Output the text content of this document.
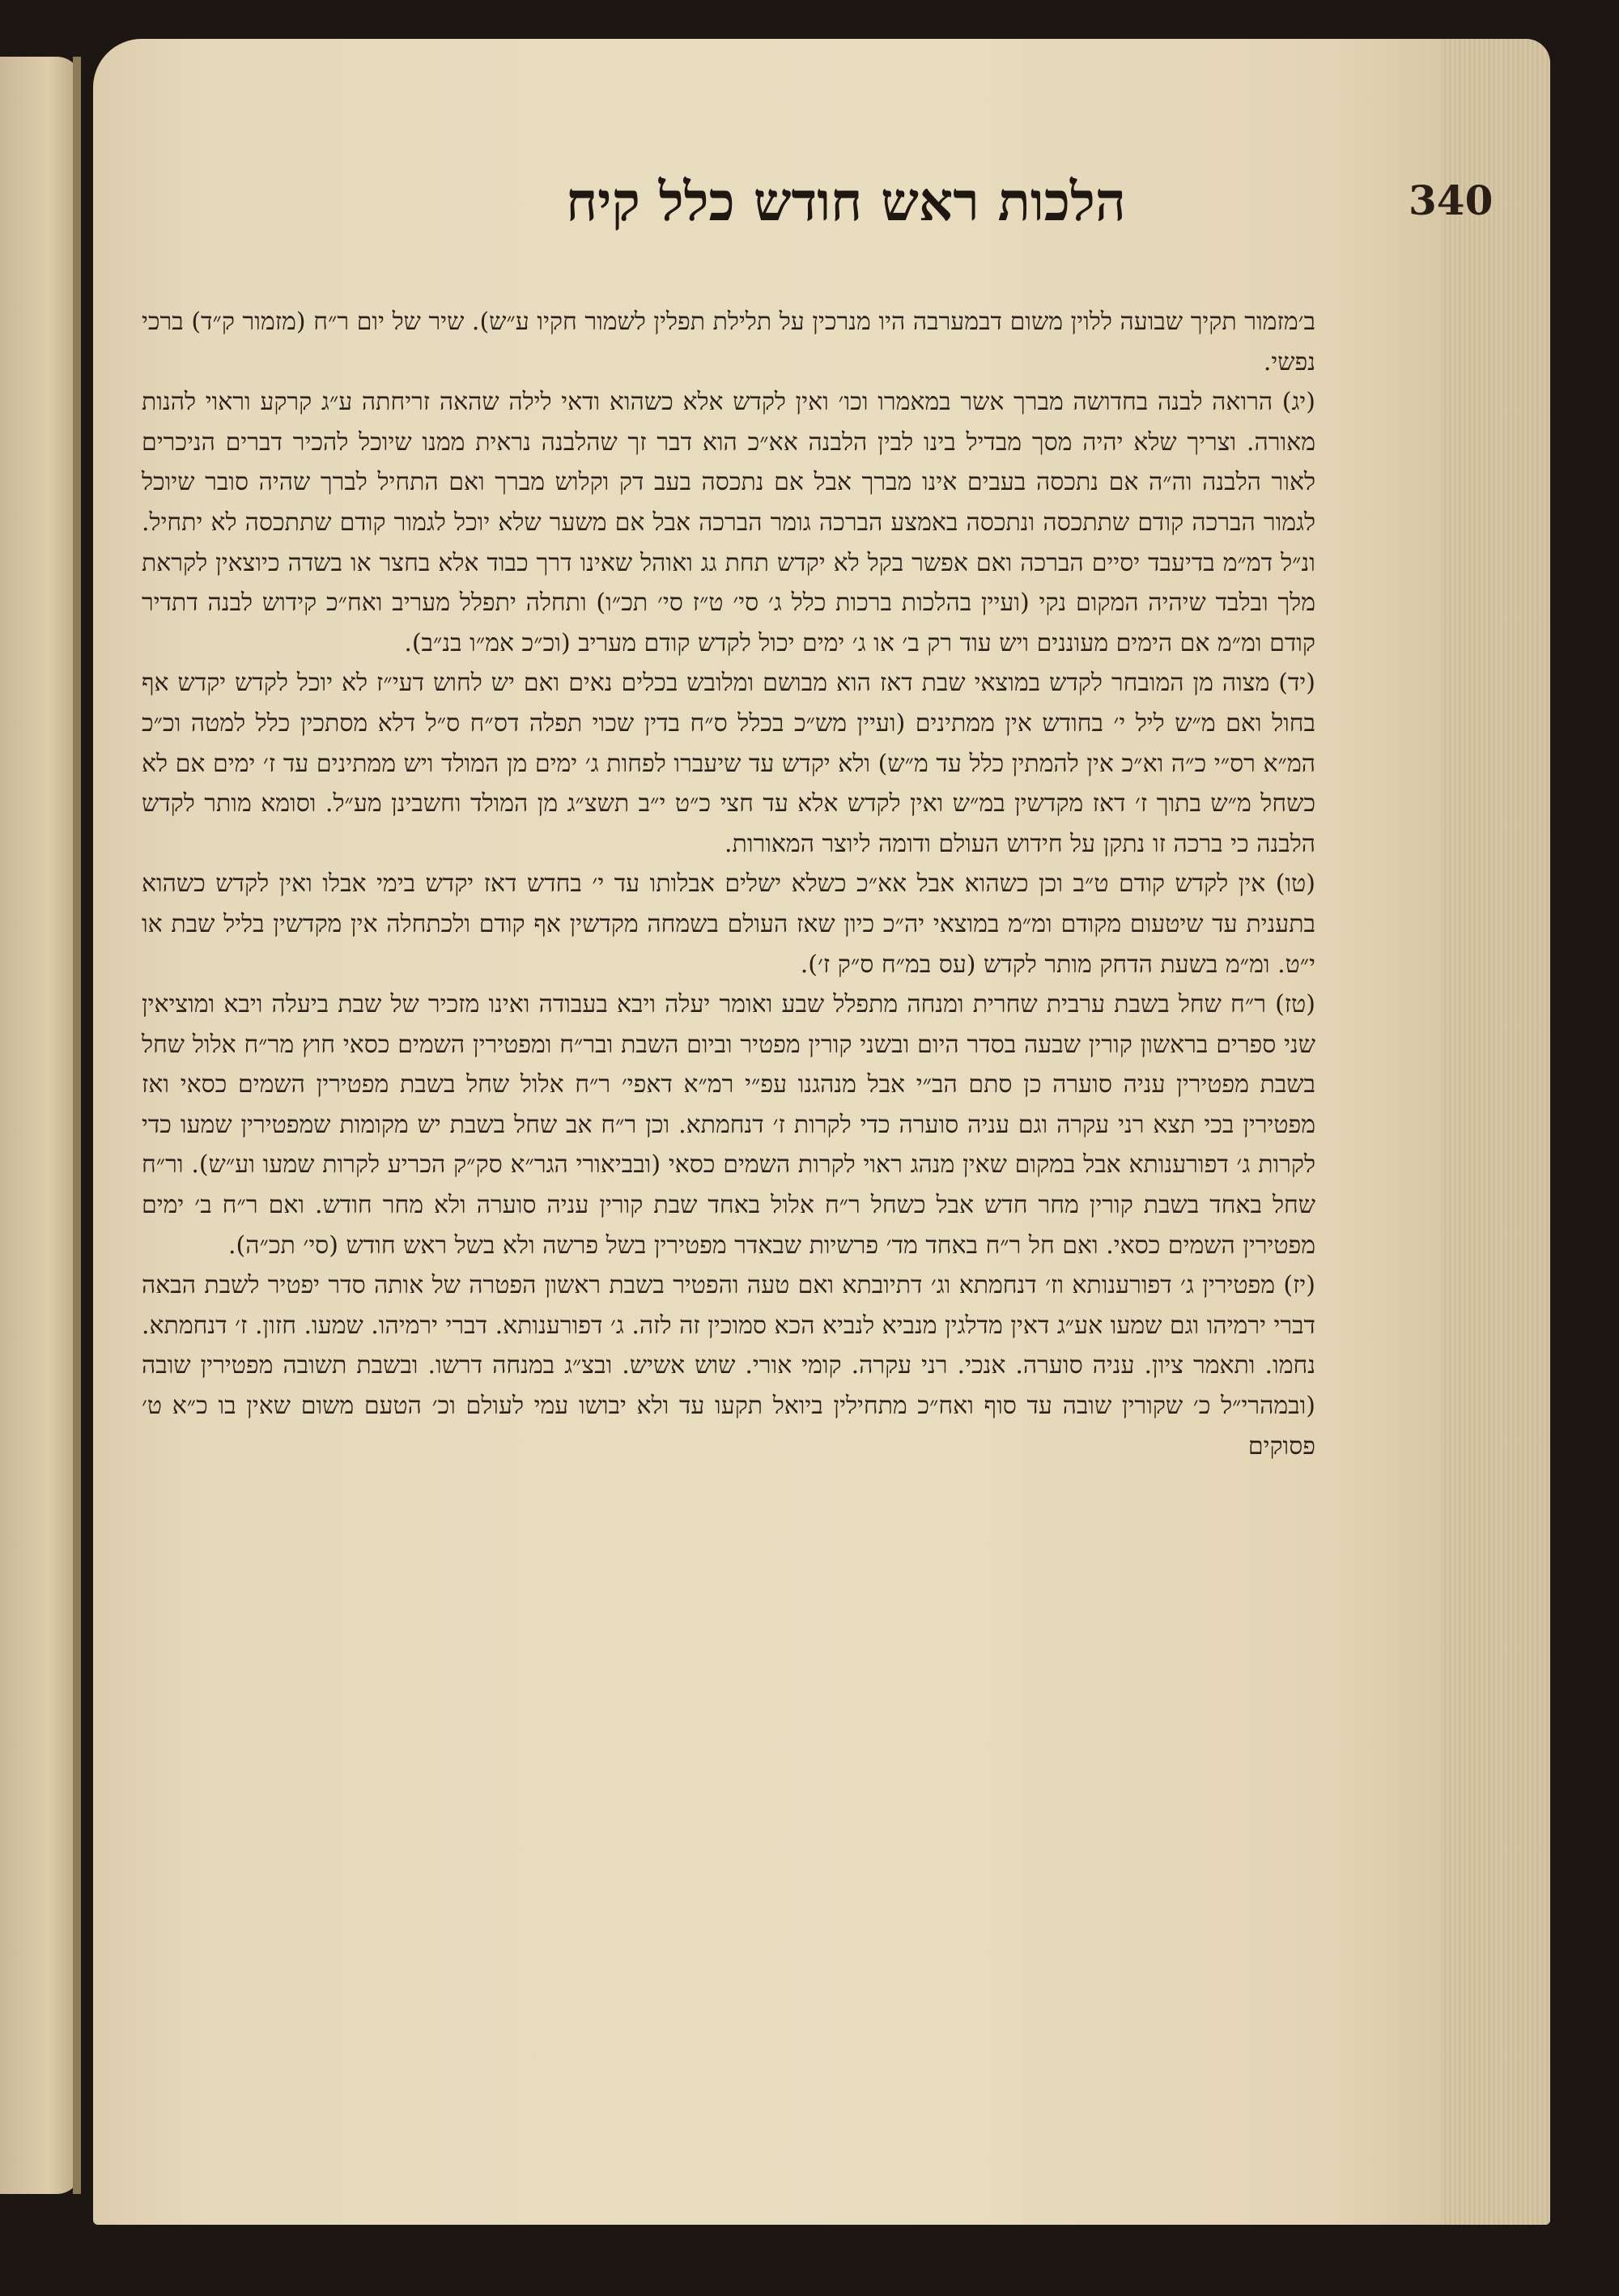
הלכות ראש חודש כלל קיח	340

ב׳מזמור תקיך שבועה ללוין משום דבמערבה היו מנרכין על תלילת תפלין לשמור חקיו ע״ש). שיר של יום ר״ח (מזמור ק״ד) ברכי נפשי.

(יג) הרואה לבנה בחדושה מברך אשר במאמרו וכו׳ ואין לקדש אלא כשהוא ודאי לילה שהאה זריחתה ע״ג קרקע וראוי להנות מאורה. וצריך שלא יהיה מסך מבדיל בינו לבין הלבנה אא״כ הוא דבר זך שהלבנה נראית ממנו שיוכל להכיר דברים הניכרים לאור הלבנה וה״ה אם נתכסה בעבים אינו מברך אבל אם נתכסה בעב דק וקלוש מברך ואם התחיל לברך שהיה סובר שיוכל לגמור הברכה קודם שתתכסה ונתכסה באמצע הברכה גומר הברכה אבל אם משער שלא יוכל לגמור קודם שתתכסה לא יתחיל. ונ״ל דמ״מ בדיעבד יסיים הברכה ואם אפשר בקל לא יקדש תחת גג ואוהל שאינו דרך כבוד אלא בחצר או בשדה כיוצאין לקראת מלך ובלבד שיהיה המקום נקי (ועיין בהלכות ברכות כלל ג׳ סי׳ ט״ז סי׳ תכ״ו) ותחלה יתפלל מעריב ואח״כ קידוש לבנה דתדיר קודם ומ״מ אם הימים מעוננים ויש עוד רק ב׳ או ג׳ ימים יכול לקדש קודם מעריב (וכ״כ אמ״ו בנ״ב).

(יד) מצוה מן המובחר לקדש במוצאי שבת דאז הוא מבושם ומלובש בכלים נאים ואם יש לחוש דעי״ז לא יוכל לקדש יקדש אף בחול ואם מ״ש ליל י׳ בחודש אין ממתינים (ועיין מש״כ בכלל ס״ח בדין שכוי תפלה דס״ח ס״ל דלא מסתכין כלל למטה וכ״כ המ״א רס״י כ״ה וא״כ אין להמתין כלל עד מ״ש) ולא יקדש עד שיעברו לפחות ג׳ ימים מן המולד ויש ממתינים עד ז׳ ימים אם לא כשחל מ״ש בתוך ז׳ דאז מקדשין במ״ש ואין לקדש אלא עד חצי כ״ט י״ב תשצ״ג מן המולד וחשבינן מע״ל. וסומא מותר לקדש הלבנה כי ברכה זו נתקן על חידוש העולם ודומה ליוצר המאורות.

(טו) אין לקדש קודם ט״ב וכן כשהוא אבל אא״כ כשלא ישלים אבלותו עד י׳ בחדש דאז יקדש בימי אבלו ואין לקדש כשהוא בתענית עד שיטעום מקודם ומ״מ במוצאי יה״כ כיון שאז העולם בשמחה מקדשין אף קודם ולכתחלה אין מקדשין בליל שבת או י״ט. ומ״מ בשעת הדחק מותר לקדש (עס במ״ח ס״ק ז׳).

(טז) ר״ח שחל בשבת ערבית שחרית ומנחה מתפלל שבע ואומר יעלה ויבא בעבודה ואינו מזכיר של שבת ביעלה ויבא ומוציאין שני ספרים בראשון קורין שבעה בסדר היום ובשני קורין מפטיר וביום השבת ובר״ח ומפטירין השמים כסאי חוץ מר״ח אלול שחל בשבת מפטירין עניה סוערה כן סתם הב״י אבל מנהגנו עפ״י רמ״א דאפי׳ ר״ח אלול שחל בשבת מפטירין השמים כסאי ואז מפטירין בכי תצא רני עקרה וגם עניה סוערה כדי לקרות ז׳ דנחמתא. וכן ר״ח אב שחל בשבת יש מקומות שמפטירין שמעו כדי לקרות ג׳ דפורענותא אבל במקום שאין מנהג ראוי לקרות השמים כסאי (ובביאורי הגר״א סק״ק הכריע לקרות שמעו וע״ש). ור״ח שחל באחד בשבת קורין מחר חדש אבל כשחל ר״ח אלול באחד שבת קורין עניה סוערה ולא מחר חודש. ואם ר״ח ב׳ ימים מפטירין השמים כסאי. ואם חל ר״ח באחד מד׳ פרשיות שבאדר מפטירין בשל פרשה ולא בשל ראש חודש (סי׳ תכ״ה).

(יז) מפטירין ג׳ דפורענותא וז׳ דנחמתא וג׳ דתיובתא ואם טעה והפטיר בשבת ראשון הפטרה של אותה סדר יפטיר לשבת הבאה דברי ירמיהו וגם שמעו אע״ג דאין מדלגין מנביא לנביא הכא סמוכין זה לזה. ג׳ דפורענותא. דברי ירמיהו. שמעו. חזון. ז׳ דנחמתא. נחמו. ותאמר ציון. עניה סוערה. אנכי. רני עקרה. קומי אורי. שוש אשיש. ובצ״ג במנחה דרשו. ובשבת תשובה מפטירין שובה (ובמהרי״ל כ׳ שקורין שובה עד סוף ואח״כ מתחילין ביואל תקעו עד ולא יבושו עמי לעולם וכ׳ הטעם משום שאין בו כ״א ט׳ פסוקים
